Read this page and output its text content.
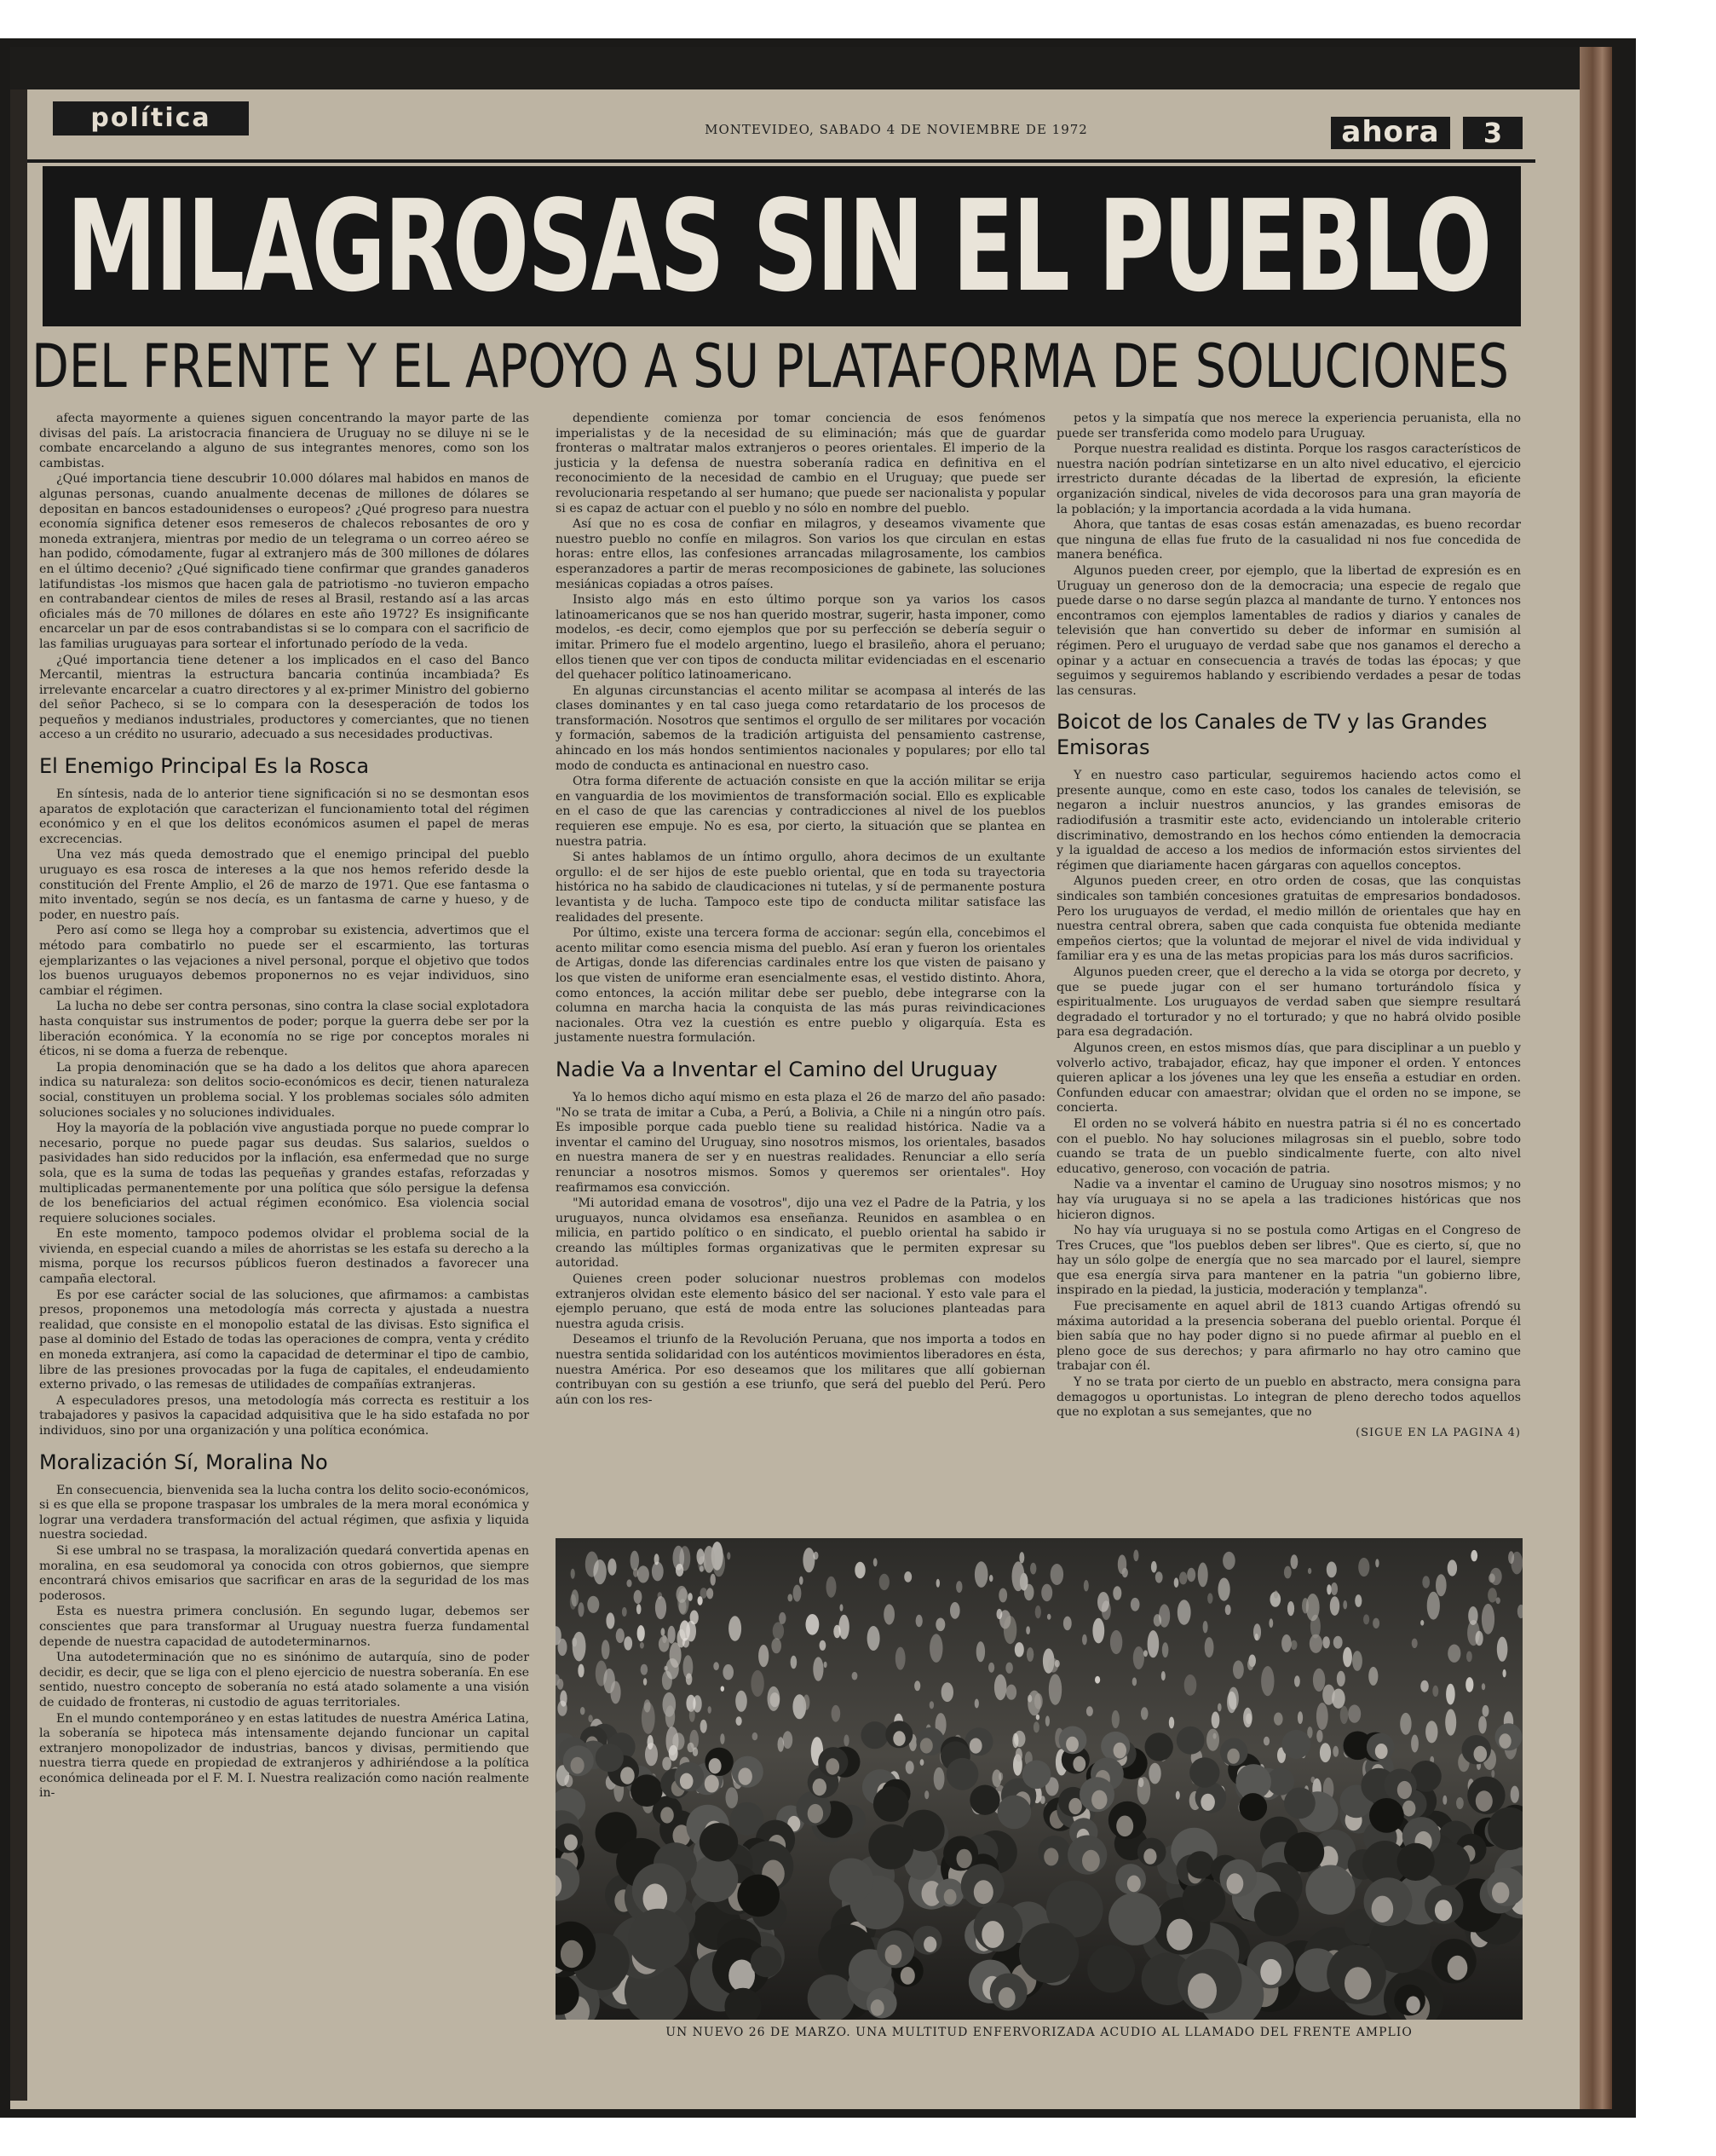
política	MONTEVIDEO, SABADO 4 DE NOVIEMBRE DE 1972	ahora	3
MILAGROSAS SIN EL PUEBLO
DEL FRENTE Y EL APOYO A SU PLATAFORMA DE SOLUCIONES

afecta mayormente a quienes siguen concentrando la mayor parte de las divisas del país. La aristocracia financiera de Uruguay no se diluye ni se le combate encarcelando a alguno de sus integrantes menores, como son los cambistas.

¿Qué importancia tiene descubrir 10.000 dólares mal habidos en manos de algunas personas, cuando anualmente decenas de millones de dólares se depositan en bancos estadounidenses o europeos? ¿Qué progreso para nuestra economía significa detener esos remeseros de chalecos rebosantes de oro y moneda extranjera, mientras por medio de un telegrama o un correo aéreo se han podido, cómodamente, fugar al extranjero más de 300 millones de dólares en el último decenio? ¿Qué significado tiene confirmar que grandes ganaderos latifundistas -los mismos que hacen gala de patriotismo -no tuvieron empacho en contrabandear cientos de miles de reses al Brasil, restando así a las arcas oficiales más de 70 millones de dólares en este año 1972? Es insignificante encarcelar un par de esos contrabandistas si se lo compara con el sacrificio de las familias uruguayas para sortear el infortunado período de la veda.

¿Qué importancia tiene detener a los implicados en el caso del Banco Mercantil, mientras la estructura bancaria continúa incambiada? Es irrelevante encarcelar a cuatro directores y al ex-primer Ministro del gobierno del señor Pacheco, si se lo compara con la desesperación de todos los pequeños y medianos industriales, productores y comerciantes, que no tienen acceso a un crédito no usurario, adecuado a sus necesidades productivas.

El Enemigo Principal Es la Rosca

En síntesis, nada de lo anterior tiene significación si no se desmontan esos aparatos de explotación que caracterizan el funcionamiento total del régimen económico y en el que los delitos económicos asumen el papel de meras excrecencias.

Una vez más queda demostrado que el enemigo principal del pueblo uruguayo es esa rosca de intereses a la que nos hemos referido desde la constitución del Frente Amplio, el 26 de marzo de 1971. Que ese fantasma o mito inventado, según se nos decía, es un fantasma de carne y hueso, y de poder, en nuestro país.

Pero así como se llega hoy a comprobar su existencia, advertimos que el método para combatirlo no puede ser el escarmiento, las torturas ejemplarizantes o las vejaciones a nivel personal, porque el objetivo que todos los buenos uruguayos debemos proponernos no es vejar individuos, sino cambiar el régimen.

La lucha no debe ser contra personas, sino contra la clase social explotadora hasta conquistar sus instrumentos de poder; porque la guerra debe ser por la liberación económica. Y la economía no se rige por conceptos morales ni éticos, ni se doma a fuerza de rebenque.

La propia denominación que se ha dado a los delitos que ahora aparecen indica su naturaleza: son delitos socio-económicos es decir, tienen naturaleza social, constituyen un problema social. Y los problemas sociales sólo admiten soluciones sociales y no soluciones individuales.

Hoy la mayoría de la población vive angustiada porque no puede comprar lo necesario, porque no puede pagar sus deudas. Sus salarios, sueldos o pasividades han sido reducidos por la inflación, esa enfermedad que no surge sola, que es la suma de todas las pequeñas y grandes estafas, reforzadas y multiplicadas permanentemente por una política que sólo persigue la defensa de los beneficiarios del actual régimen económico. Esa violencia social requiere soluciones sociales.

En este momento, tampoco podemos olvidar el problema social de la vivienda, en especial cuando a miles de ahorristas se les estafa su derecho a la misma, porque los recursos públicos fueron destinados a favorecer una campaña electoral.

Es por ese carácter social de las soluciones, que afirmamos: a cambistas presos, proponemos una metodología más correcta y ajustada a nuestra realidad, que consiste en el monopolio estatal de las divisas. Esto significa el pase al dominio del Estado de todas las operaciones de compra, venta y crédito en moneda extranjera, así como la capacidad de determinar el tipo de cambio, libre de las presiones provocadas por la fuga de capitales, el endeudamiento externo privado, o las remesas de utilidades de compañías extranjeras.

A especuladores presos, una metodología más correcta es restituir a los trabajadores y pasivos la capacidad adquisitiva que le ha sido estafada no por individuos, sino por una organización y una política económica.

Moralización Sí, Moralina No

En consecuencia, bienvenida sea la lucha contra los delito socio-económicos, si es que ella se propone traspasar los umbrales de la mera moral económica y lograr una verdadera transformación del actual régimen, que asfixia y liquida nuestra sociedad.

Si ese umbral no se traspasa, la moralización quedará convertida apenas en moralina, en esa seudomoral ya conocida con otros gobiernos, que siempre encontrará chivos emisarios que sacrificar en aras de la seguridad de los mas poderosos.

Esta es nuestra primera conclusión. En segundo lugar, debemos ser conscientes que para transformar al Uruguay nuestra fuerza fundamental depende de nuestra capacidad de autodeterminarnos.

Una autodeterminación que no es sinónimo de autarquía, sino de poder decidir, es decir, que se liga con el pleno ejercicio de nuestra soberanía. En ese sentido, nuestro concepto de soberanía no está atado solamente a una visión de cuidado de fronteras, ni custodio de aguas territoriales.

En el mundo contemporáneo y en estas latitudes de nuestra América Latina, la soberanía se hipoteca más intensamente dejando funcionar un capital extranjero monopolizador de industrias, bancos y divisas, permitiendo que nuestra tierra quede en propiedad de extranjeros y adhiriéndose a la política económica delineada por el F. M. I. Nuestra realización como nación realmente in-

dependiente comienza por tomar conciencia de esos fenómenos imperialistas y de la necesidad de su eliminación; más que de guardar fronteras o maltratar malos extranjeros o peores orientales. El imperio de la justicia y la defensa de nuestra soberanía radica en definitiva en el reconocimiento de la necesidad de cambio en el Uruguay; que puede ser revolucionaria respetando al ser humano; que puede ser nacionalista y popular si es capaz de actuar con el pueblo y no sólo en nombre del pueblo.

Así que no es cosa de confiar en milagros, y deseamos vivamente que nuestro pueblo no confíe en milagros. Son varios los que circulan en estas horas: entre ellos, las confesiones arrancadas milagrosamente, los cambios esperanzadores a partir de meras recomposiciones de gabinete, las soluciones mesiánicas copiadas a otros países.

Insisto algo más en esto último porque son ya varios los casos latinoamericanos que se nos han querido mostrar, sugerir, hasta imponer, como modelos, -es decir, como ejemplos que por su perfección se debería seguir o imitar. Primero fue el modelo argentino, luego el brasileño, ahora el peruano; ellos tienen que ver con tipos de conducta militar evidenciadas en el escenario del quehacer político latinoamericano.

En algunas circunstancias el acento militar se acompasa al interés de las clases dominantes y en tal caso juega como retardatario de los procesos de transformación. Nosotros que sentimos el orgullo de ser militares por vocación y formación, sabemos de la tradición artiguista del pensamiento castrense, ahincado en los más hondos sentimientos nacionales y populares; por ello tal modo de conducta es antinacional en nuestro caso.

Otra forma diferente de actuación consiste en que la acción militar se erija en vanguardia de los movimientos de transformación social. Ello es explicable en el caso de que las carencias y contradicciones al nivel de los pueblos requieren ese empuje. No es esa, por cierto, la situación que se plantea en nuestra patria.

Si antes hablamos de un íntimo orgullo, ahora decimos de un exultante orgullo: el de ser hijos de este pueblo oriental, que en toda su trayectoria histórica no ha sabido de claudicaciones ni tutelas, y sí de permanente postura levantista y de lucha. Tampoco este tipo de conducta militar satisface las realidades del presente.

Por último, existe una tercera forma de accionar: según ella, concebimos el acento militar como esencia misma del pueblo. Así eran y fueron los orientales de Artigas, donde las diferencias cardinales entre los que visten de paisano y los que visten de uniforme eran esencialmente esas, el vestido distinto. Ahora, como entonces, la acción militar debe ser pueblo, debe integrarse con la columna en marcha hacia la conquista de las más puras reivindicaciones nacionales. Otra vez la cuestión es entre pueblo y oligarquía. Esta es justamente nuestra formulación.

Nadie Va a Inventar el Camino del Uruguay

Ya lo hemos dicho aquí mismo en esta plaza el 26 de marzo del año pasado: "No se trata de imitar a Cuba, a Perú, a Bolivia, a Chile ni a ningún otro país. Es imposible porque cada pueblo tiene su realidad histórica. Nadie va a inventar el camino del Uruguay, sino nosotros mismos, los orientales, basados en nuestra manera de ser y en nuestras realidades. Renunciar a ello sería renunciar a nosotros mismos. Somos y queremos ser orientales". Hoy reafirmamos esa convicción.

"Mi autoridad emana de vosotros", dijo una vez el Padre de la Patria, y los uruguayos, nunca olvidamos esa enseñanza. Reunidos en asamblea o en milicia, en partido político o en sindicato, el pueblo oriental ha sabido ir creando las múltiples formas organizativas que le permiten expresar su autoridad.

Quienes creen poder solucionar nuestros problemas con modelos extranjeros olvidan este elemento básico del ser nacional. Y esto vale para el ejemplo peruano, que está de moda entre las soluciones planteadas para nuestra aguda crisis.

Deseamos el triunfo de la Revolución Peruana, que nos importa a todos en nuestra sentida solidaridad con los auténticos movimientos liberadores en ésta, nuestra América. Por eso deseamos que los militares que allí gobiernan contribuyan con su gestión a ese triunfo, que será del pueblo del Perú. Pero aún con los res-

petos y la simpatía que nos merece la experiencia peruanista, ella no puede ser transferida como modelo para Uruguay.

Porque nuestra realidad es distinta. Porque los rasgos característicos de nuestra nación podrían sintetizarse en un alto nivel educativo, el ejercicio irrestricto durante décadas de la libertad de expresión, la eficiente organización sindical, niveles de vida decorosos para una gran mayoría de la población; y la importancia acordada a la vida humana.

Ahora, que tantas de esas cosas están amenazadas, es bueno recordar que ninguna de ellas fue fruto de la casualidad ni nos fue concedida de manera benéfica.

Algunos pueden creer, por ejemplo, que la libertad de expresión es en Uruguay un generoso don de la democracia; una especie de regalo que puede darse o no darse según plazca al mandante de turno. Y entonces nos encontramos con ejemplos lamentables de radios y diarios y canales de televisión que han convertido su deber de informar en sumisión al régimen. Pero el uruguayo de verdad sabe que nos ganamos el derecho a opinar y a actuar en consecuencia a través de todas las épocas; y que seguimos y seguiremos hablando y escribiendo verdades a pesar de todas las censuras.

Boicot de los Canales de TV y las Grandes Emisoras

Y en nuestro caso particular, seguiremos haciendo actos como el presente aunque, como en este caso, todos los canales de televisión, se negaron a incluir nuestros anuncios, y las grandes emisoras de radiodifusión a trasmitir este acto, evidenciando un intolerable criterio discriminativo, demostrando en los hechos cómo entienden la democracia y la igualdad de acceso a los medios de información estos sirvientes del régimen que diariamente hacen gárgaras con aquellos conceptos.

Algunos pueden creer, en otro orden de cosas, que las conquistas sindicales son también concesiones gratuitas de empresarios bondadosos. Pero los uruguayos de verdad, el medio millón de orientales que hay en nuestra central obrera, saben que cada conquista fue obtenida mediante empeños ciertos; que la voluntad de mejorar el nivel de vida individual y familiar era y es una de las metas propicias para los más duros sacrificios.

Algunos pueden creer, que el derecho a la vida se otorga por decreto, y que se puede jugar con el ser humano torturándolo física y espiritualmente. Los uruguayos de verdad saben que siempre resultará degradado el torturador y no el torturado; y que no habrá olvido posible para esa degradación.

Algunos creen, en estos mismos días, que para disciplinar a un pueblo y volverlo activo, trabajador, eficaz, hay que imponer el orden. Y entonces quieren aplicar a los jóvenes una ley que les enseña a estudiar en orden. Confunden educar con amaestrar; olvidan que el orden no se impone, se concierta.

El orden no se volverá hábito en nuestra patria si él no es concertado con el pueblo. No hay soluciones milagrosas sin el pueblo, sobre todo cuando se trata de un pueblo sindicalmente fuerte, con alto nivel educativo, generoso, con vocación de patria.

Nadie va a inventar el camino de Uruguay sino nosotros mismos; y no hay vía uruguaya si no se apela a las tradiciones históricas que nos hicieron dignos.

No hay vía uruguaya si no se postula como Artigas en el Congreso de Tres Cruces, que "los pueblos deben ser libres". Que es cierto, sí, que no hay un sólo golpe de energía que no sea marcado por el laurel, siempre que esa energía sirva para mantener en la patria "un gobierno libre, inspirado en la piedad, la justicia, moderación y templanza".

Fue precisamente en aquel abril de 1813 cuando Artigas ofrendó su máxima autoridad a la presencia soberana del pueblo oriental. Porque él bien sabía que no hay poder digno si no puede afirmar al pueblo en el pleno goce de sus derechos; y para afirmarlo no hay otro camino que trabajar con él.

Y no se trata por cierto de un pueblo en abstracto, mera consigna para demagogos u oportunistas. Lo integran de pleno derecho todos aquellos que no explotan a sus semejantes, que no

(SIGUE EN LA PAGINA 4)
UN NUEVO 26 DE MARZO. UNA MULTITUD ENFERVORIZADA ACUDIO AL LLAMADO DEL FRENTE AMPLIO
